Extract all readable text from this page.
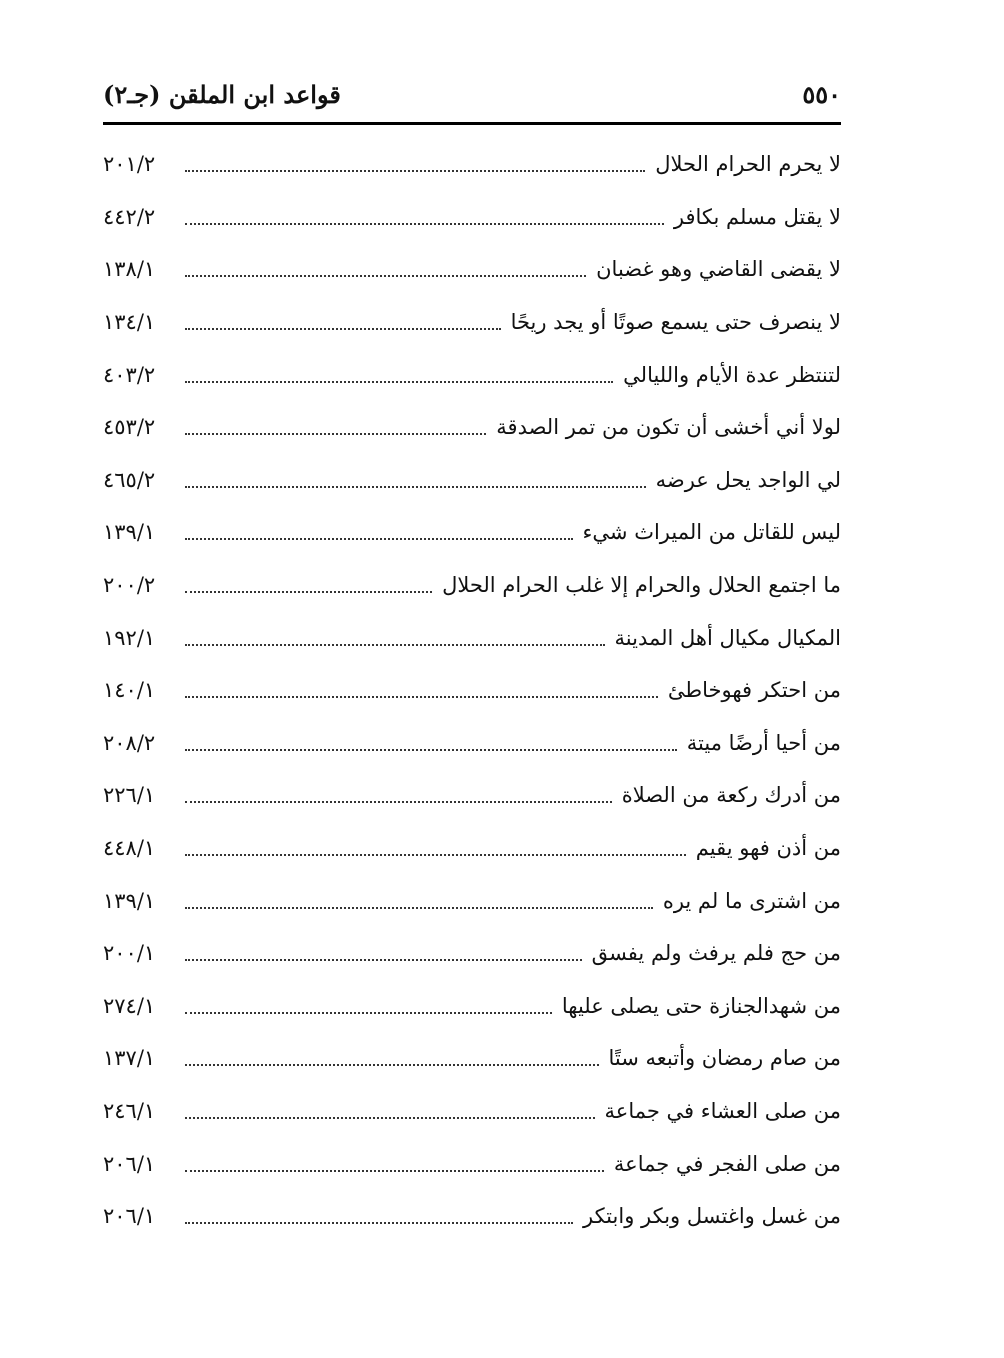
٥٥٠
قواعد ابن الملقن (جـ٢)
لا يحرم الحرام الحلال
٢٠١/٢
لا يقتل مسلم بكافر
٤٤٢/٢
لا يقضى القاضي وهو غضبان
١٣٨/١
لا ينصرف حتى يسمع صوتًا أو يجد ريحًا
١٣٤/١
لتنتظر عدة الأيام والليالي
٤٠٣/٢
لولا أني أخشى أن تكون من تمر الصدقة
٤٥٣/٢
لي الواجد يحل عرضه
٤٦٥/٢
ليس للقاتل من الميراث شيء
١٣٩/١
ما اجتمع الحلال والحرام إلا غلب الحرام الحلال
٢٠٠/٢
المكيال مكيال أهل المدينة
١٩٢/١
من احتكر فهوخاطئ
١٤٠/١
من أحيا أرضًا ميتة
٢٠٨/٢
من أدرك ركعة من الصلاة
٢٢٦/١
من أذن فهو يقيم
٤٤٨/١
من اشترى ما لم يره
١٣٩/١
من حج فلم يرفث ولم يفسق
٢٠٠/١
من شهدالجنازة حتى يصلى عليها
٢٧٤/١
من صام رمضان وأتبعه ستًا
١٣٧/١
من صلى العشاء في جماعة
٢٤٦/١
من صلى الفجر في جماعة
٢٠٦/١
من غسل واغتسل وبكر وابتكر
٢٠٦/١
